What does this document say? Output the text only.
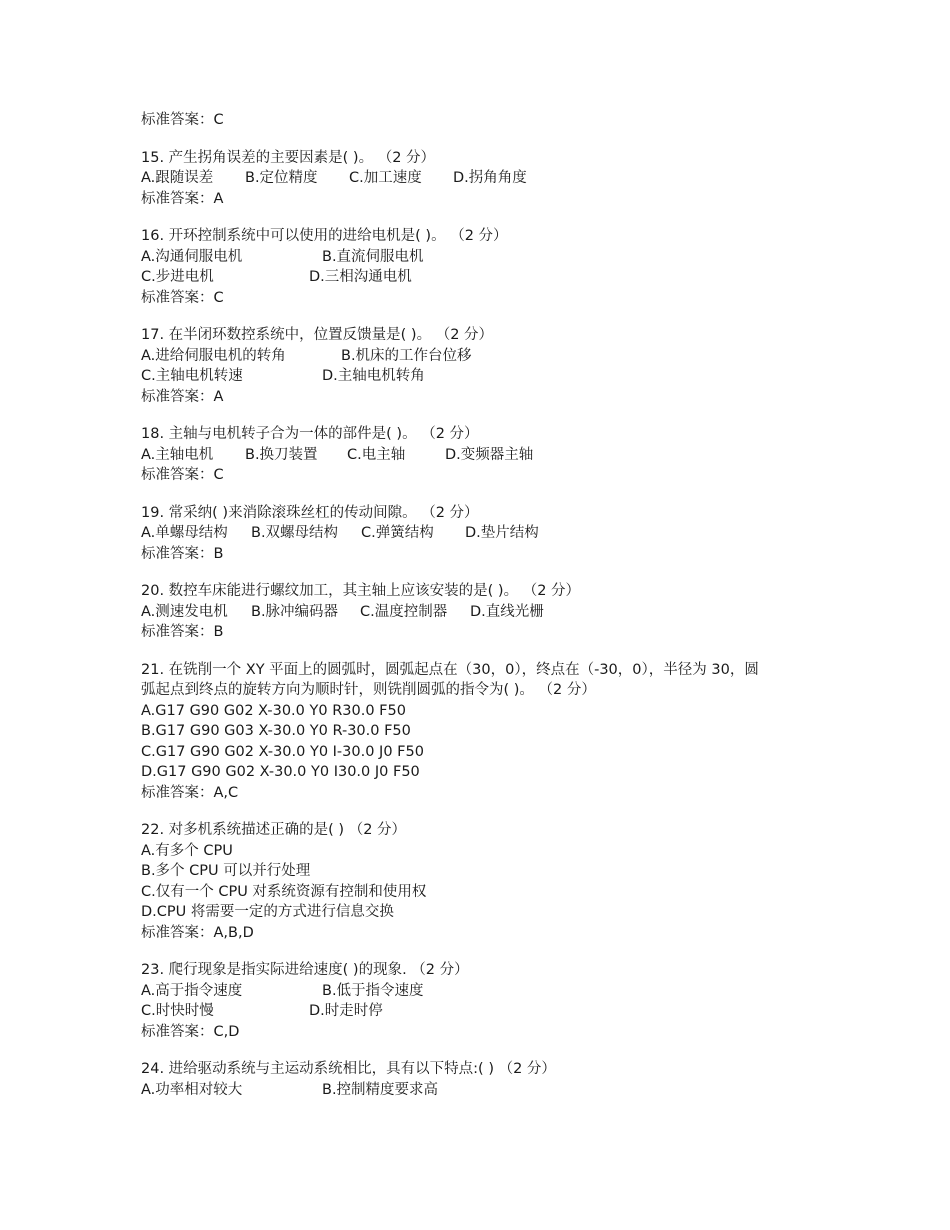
标准答案： C
15. 产生拐角误差的主要因素是( )。 （2 分）
A.跟随误差	B.定位精度	C.加工速度	D.拐角角度
标准答案： A
16. 开环控制系统中可以使用的进给电机是( )。 （2 分）
A.沟通伺服电机	B.直流伺服电机
C.步进电机	D.三相沟通电机
标准答案： C
17. 在半闭环数控系统中，位置反馈量是( )。 （2 分）
A.进给伺服电机的转角	B.机床的工作台位移
C.主轴电机转速	D.主轴电机转角
标准答案： A
18. 主轴与电机转子合为一体的部件是( )。 （2 分）
A.主轴电机	B.换刀装置	C.电主轴	D.变频器主轴
标准答案： C
19. 常采纳( )来消除滚珠丝杠的传动间隙。 （2 分）
A.单螺母结构	B.双螺母结构	C.弹簧结构	D.垫片结构
标准答案： B
20. 数控车床能进行螺纹加工，其主轴上应该安装的是( )。 （2 分）
A.测速发电机	B.脉冲编码器	C.温度控制器	D.直线光栅
标准答案： B
21. 在铣削一个 XY 平面上的圆弧时，圆弧起点在（30，0），终点在（-30，0），半径为 30，圆
弧起点到终点的旋转方向为顺时针，则铣削圆弧的指令为( )。 （2 分）
A.G17 G90 G02 X-30.0 Y0 R30.0 F50
B.G17 G90 G03 X-30.0 Y0 R-30.0 F50
C.G17 G90 G02 X-30.0 Y0 I-30.0 J0 F50
D.G17 G90 G02 X-30.0 Y0 I30.0 J0 F50
标准答案： A,C
22. 对多机系统描述正确的是( ) （2 分）
A.有多个 CPU
B.多个 CPU 可以并行处理
C.仅有一个 CPU 对系统资源有控制和使用权
D.CPU 将需要一定的方式进行信息交换
标准答案： A,B,D
23. 爬行现象是指实际进给速度( )的现象. （2 分）
A.高于指令速度	B.低于指令速度
C.时快时慢	D.时走时停
标准答案： C,D
24. 进给驱动系统与主运动系统相比，具有以下特点:( ) （2 分）
A.功率相对较大	B.控制精度要求高
